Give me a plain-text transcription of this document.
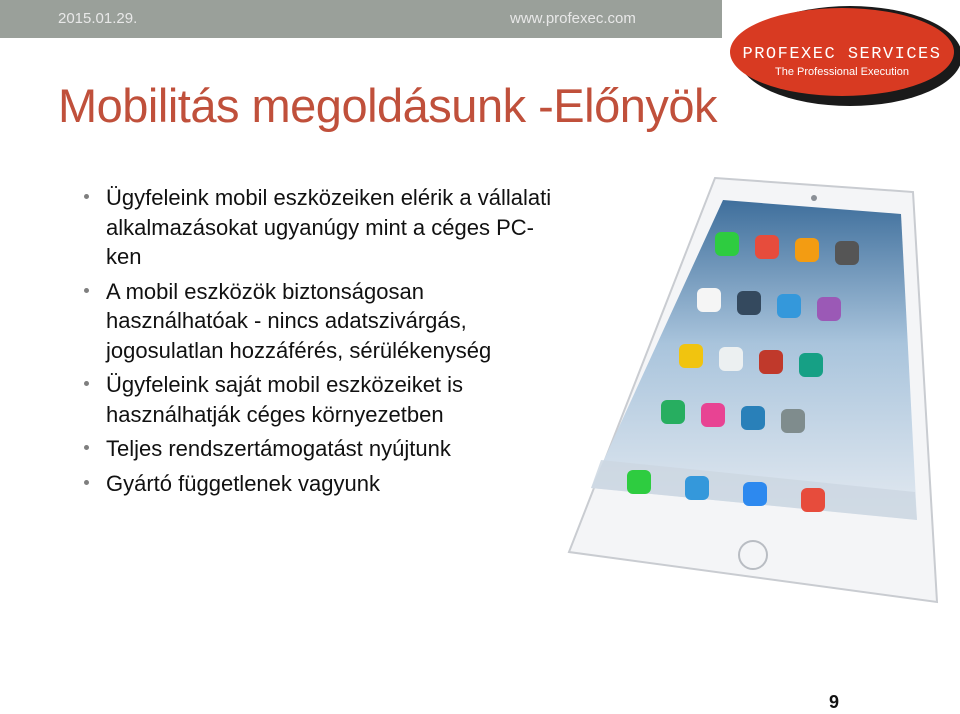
2015.01.29.	www.profexec.com
PROFEXEC SERVICES
The Professional Execution
Mobilitás megoldásunk -Előnyök
Ügyfeleink mobil eszközeiken elérik a vállalati alkalmazásokat ugyanúgy mint a céges PC-ken
A mobil eszközök biztonságosan használhatóak - nincs adatszivárgás, jogosulatlan hozzáférés, sérülékenység
Ügyfeleink saját mobil eszközeiket is használhatják céges környezetben
Teljes rendszertámogatást nyújtunk
Gyártó függetlenek vagyunk
9
